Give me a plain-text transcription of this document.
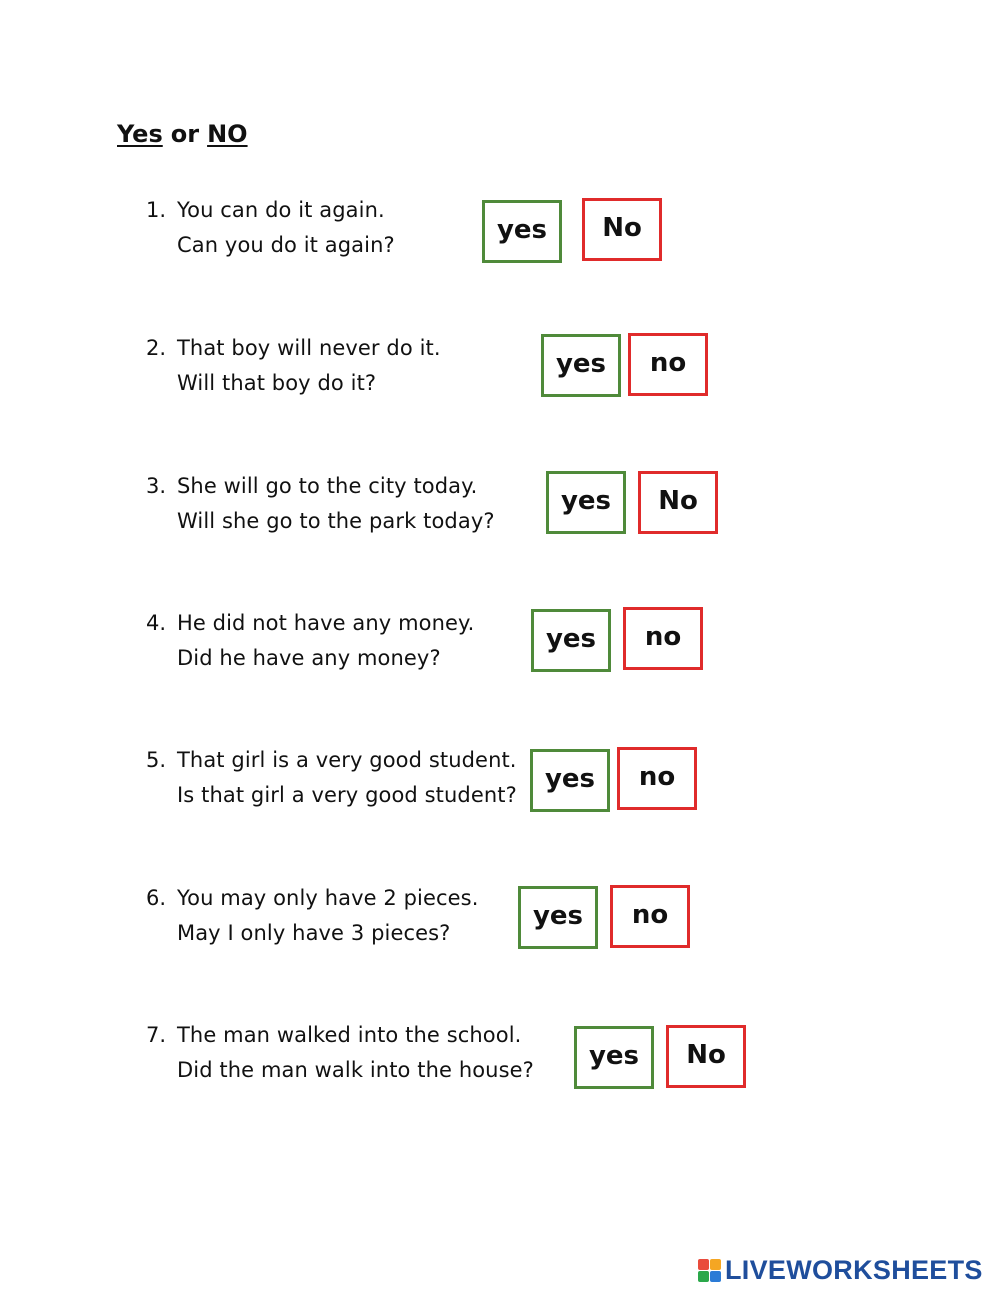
Yes or NO
1. You can do it again.
Can you do it again?
yes No
2. That boy will never do it.
Will that boy do it?
yes no
3. She will go to the city today.
Will she go to the park today?
yes No
4. He did not have any money.
Did he have any money?
yes no
5. That girl is a very good student.
Is that girl a very good student?
yes no
6. You may only have 2 pieces.
May I only have 3 pieces?
yes no
7. The man walked into the school.
Did the man walk into the house? yes No
LIVEWORKSHEETS
